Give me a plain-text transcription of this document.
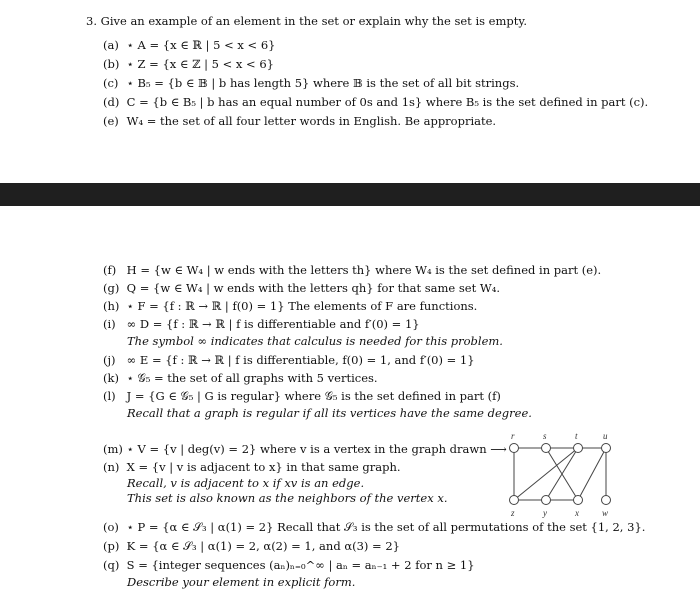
3. Give an example of an element in the set or explain why the set is empty.
(a) ⋆ A = {x ∈ ℝ | 5 < x < 6}
(b) ⋆ Z = {x ∈ ℤ | 5 < x < 6}
(c) ⋆ B₅ = {b ∈ 𝔹 | b has length 5} where 𝔹 is the set of all bit strings.
(d) C = {b ∈ B₅ | b has an equal number of 0s and 1s} where B₅ is the set defined in part (c).
(e) W₄ = the set of all four letter words in English. Be appropriate.
(f) H = {w ∈ W₄ | w ends with the letters th} where W₄ is the set defined in part (e).
(g) Q = {w ∈ W₄ | w ends with the letters qh} for that same set W₄.
(h) ⋆ F = {f : ℝ → ℝ | f(0) = 1} The elements of F are functions.
(i) ∞ D = {f : ℝ → ℝ | f is differentiable and f′(0) = 1}
The symbol ∞ indicates that calculus is needed for this problem.
(j) ∞ E = {f : ℝ → ℝ | f is differentiable, f(0) = 1, and f′(0) = 1}
(k) ⋆ 𝒢₅ = the set of all graphs with 5 vertices.
(l) J = {G ∈ 𝒢₅ | G is regular} where 𝒢₅ is the set defined in part (f)
Recall that a graph is regular if all its vertices have the same degree.
(m) ⋆ V = {v | deg(v) = 2} where v is a vertex in the graph drawn ⟶
(n) X = {v | v is adjacent to x} in that same graph.
Recall, v is adjacent to x if xv is an edge.
This set is also known as the neighbors of the vertex x.
r	s	t	u
z	y	x	w
(o) ⋆ P = {α ∈ 𝒮₃ | α(1) = 2} Recall that 𝒮₃ is the set of all permutations of the set {1, 2, 3}.
(p) K = {α ∈ 𝒮₃ | α(1) = 2, α(2) = 1, and α(3) = 2}
(q) S = {integer sequences (aₙ)ₙ₌₀^∞ | aₙ = aₙ₋₁ + 2 for n ≥ 1}
Describe your element in explicit form.
